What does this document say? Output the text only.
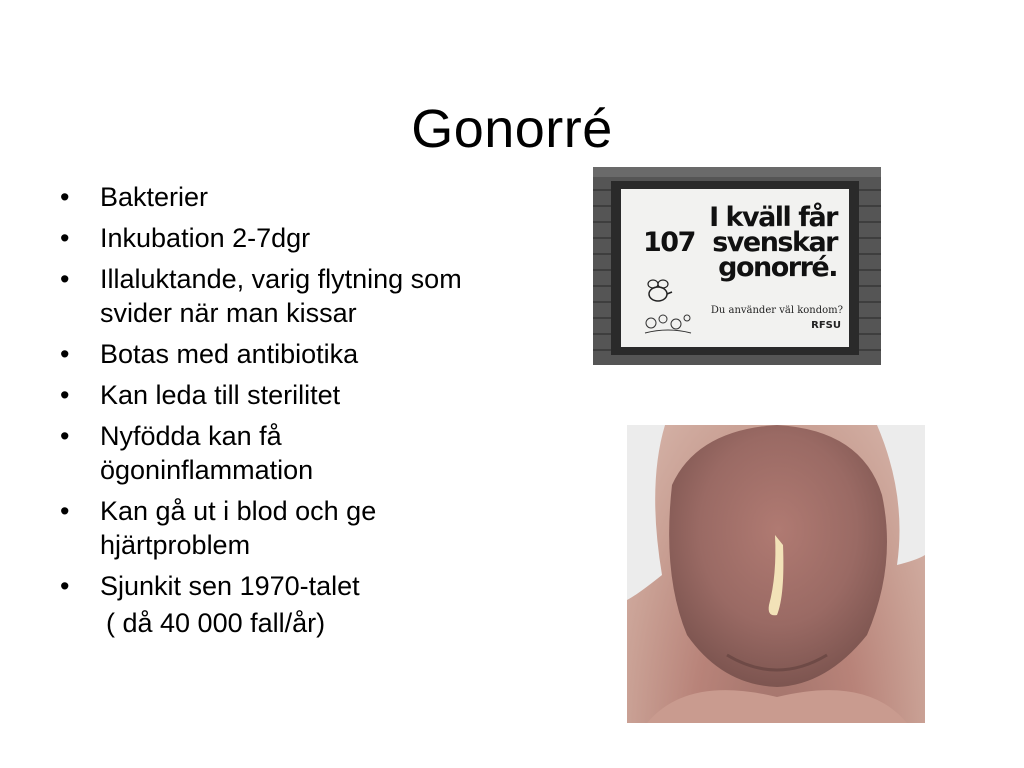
Gonorré
• Bakterier
• Inkubation 2-7dgr
• Illaluktande, varig flytning som svider när man kissar
• Botas med antibiotika
• Kan leda till sterilitet
• Nyfödda kan få ögoninflammation
• Kan gå ut i blod och ge hjärtproblem
• Sjunkit sen 1970-talet
( då 40 000 fall/år)
I kväll får
107 svenskar
gonorré.
Du använder väl kondom?
RFSU
